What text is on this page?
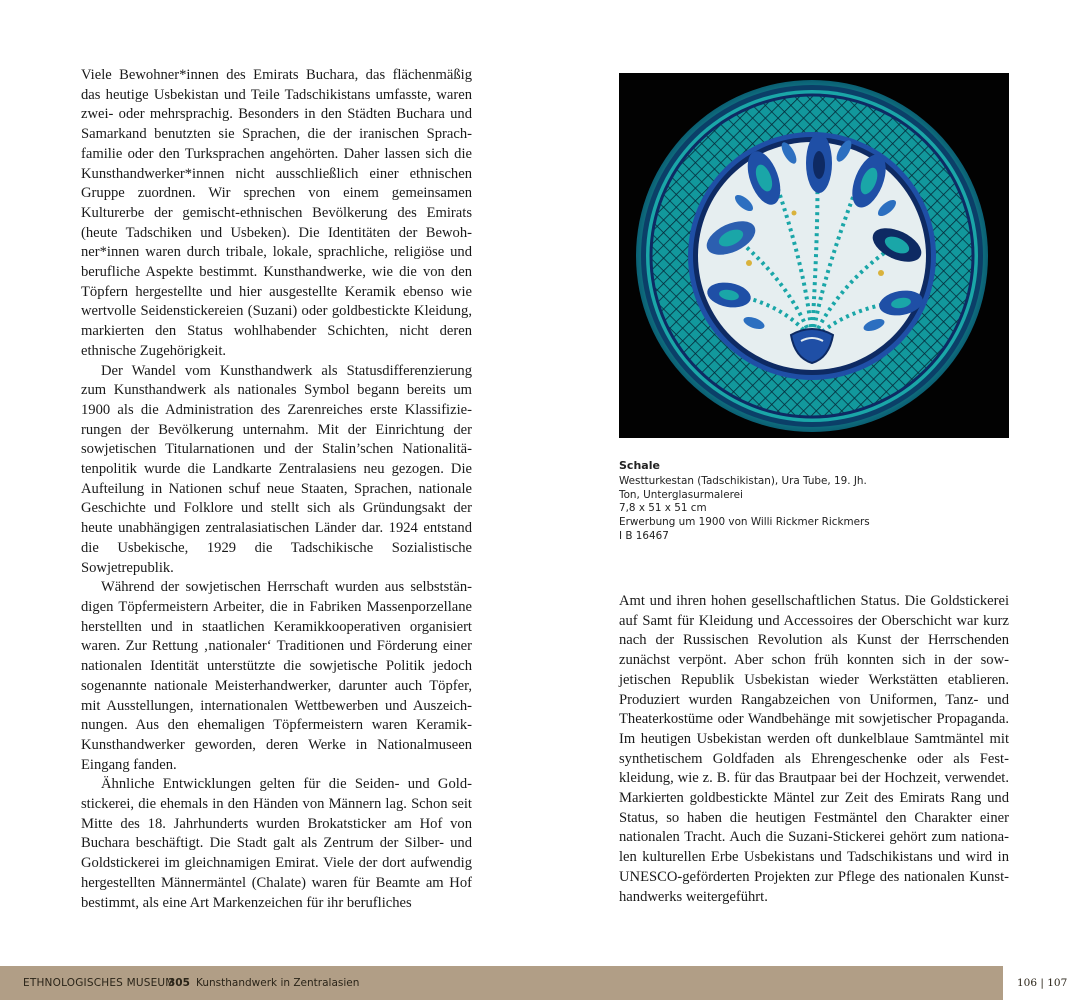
Viele Bewohner*innen des Emirats Buchara, das flächenmäßig das heutige Usbekistan und Teile Tadschikistans umfasste, waren zwei- oder mehrsprachig. Besonders in den Städten Buchara und Samarkand benutzten sie Sprachen, die der iranischen Sprachfamilie oder den Turksprachen angehörten. Daher lassen sich die Kunsthandwerker*innen nicht ausschließlich einer ethnischen Gruppe zuordnen. Wir sprechen von einem gemeinsamen Kulturerbe der gemischt-ethnischen Bevölkerung des Emirats (heute Tadschiken und Usbeken). Die Identitäten der Bewohner*innen waren durch tribale, lokale, sprachliche, religiöse und berufliche Aspekte bestimmt. Kunsthandwerke, wie die von den Töpfern hergestellte und hier ausgestellte Keramik ebenso wie wertvolle Seidenstickereien (Suzani) oder goldbestickte Kleidung, markierten den Status wohlhabender Schichten, nicht deren ethnische Zugehörigkeit.

Der Wandel vom Kunsthandwerk als Statusdifferenzierung zum Kunsthandwerk als nationales Symbol begann bereits um 1900 als die Administration des Zarenreiches erste Klassifizierungen der Bevölkerung unternahm. Mit der Einrichtung der sowjetischen Titularnationen und der Stalin’schen Nationalitätenpolitik wurde die Landkarte Zentralasiens neu gezogen. Die Aufteilung in Nationen schuf neue Staaten, Sprachen, nationale Geschichte und Folklore und stellt sich als Gründungsakt der heute unabhängigen zentralasiatischen Länder dar. 1924 entstand die Usbekische, 1929 die Tadschikische Sozialistische Sowjetrepublik.

Während der sowjetischen Herrschaft wurden aus selbstständigen Töpfermeistern Arbeiter, die in Fabriken Massenporzellane herstellten und in staatlichen Keramikkooperativen organisiert waren. Zur Rettung ‚nationaler‘ Traditionen und Förderung einer nationalen Identität unterstützte die sowjetische Politik jedoch sogenannte nationale Meisterhandwerker, darunter auch Töpfer, mit Ausstellungen, internationalen Wettbewerben und Auszeichnungen. Aus den ehemaligen Töpfermeistern waren Keramik-Kunsthandwerker geworden, deren Werke in Nationalmuseen Eingang fanden.

Ähnliche Entwicklungen gelten für die Seiden- und Goldstickerei, die ehemals in den Händen von Männern lag. Schon seit Mitte des 18. Jahrhunderts wurden Brokatsticker am Hof von Buchara beschäftigt. Die Stadt galt als Zentrum der Silber- und Goldstickerei im gleichnamigen Emirat. Viele der dort aufwendig hergestellten Männermäntel (Chalate) waren für Beamte am Hof bestimmt, als eine Art Markenzeichen für ihr berufliches

Schale
Westturkestan (Tadschikistan), Ura Tube, 19. Jh.
Ton, Unterglasurmalerei
7,8 x 51 x 51 cm
Erwerbung um 1900 von Willi Rickmer Rickmers
I B 16467

Amt und ihren hohen gesellschaftlichen Status. Die Goldstickerei auf Samt für Kleidung und Accessoires der Oberschicht war kurz nach der Russischen Revolution als Kunst der Herrschenden zunächst verpönt. Aber schon früh konnten sich in der sowjetischen Republik Usbekistan wieder Werkstätten etablieren. Produziert wurden Rangabzeichen von Uniformen, Tanz- und Theaterkostüme oder Wandbehänge mit sowjetischer Propaganda. Im heutigen Usbekistan werden oft dunkelblaue Samtmäntel mit synthetischem Goldfaden als Ehrengeschenke oder als Festkleidung, wie z. B. für das Brautpaar bei der Hochzeit, verwendet. Markierten goldbestickte Mäntel zur Zeit des Emirats Rang und Status, so haben die heutigen Festmäntel den Charakter einer nationalen Tracht. Auch die Suzani-Stickerei gehört zum nationalen kulturellen Erbe Usbekistans und Tadschikistans und wird in UNESCO-geförderten Projekten zur Pflege des nationalen Kunsthandwerks weitergeführt.

ETHNOLOGISCHES MUSEUM
305 Kunsthandwerk in Zentralasien	106 | 107
